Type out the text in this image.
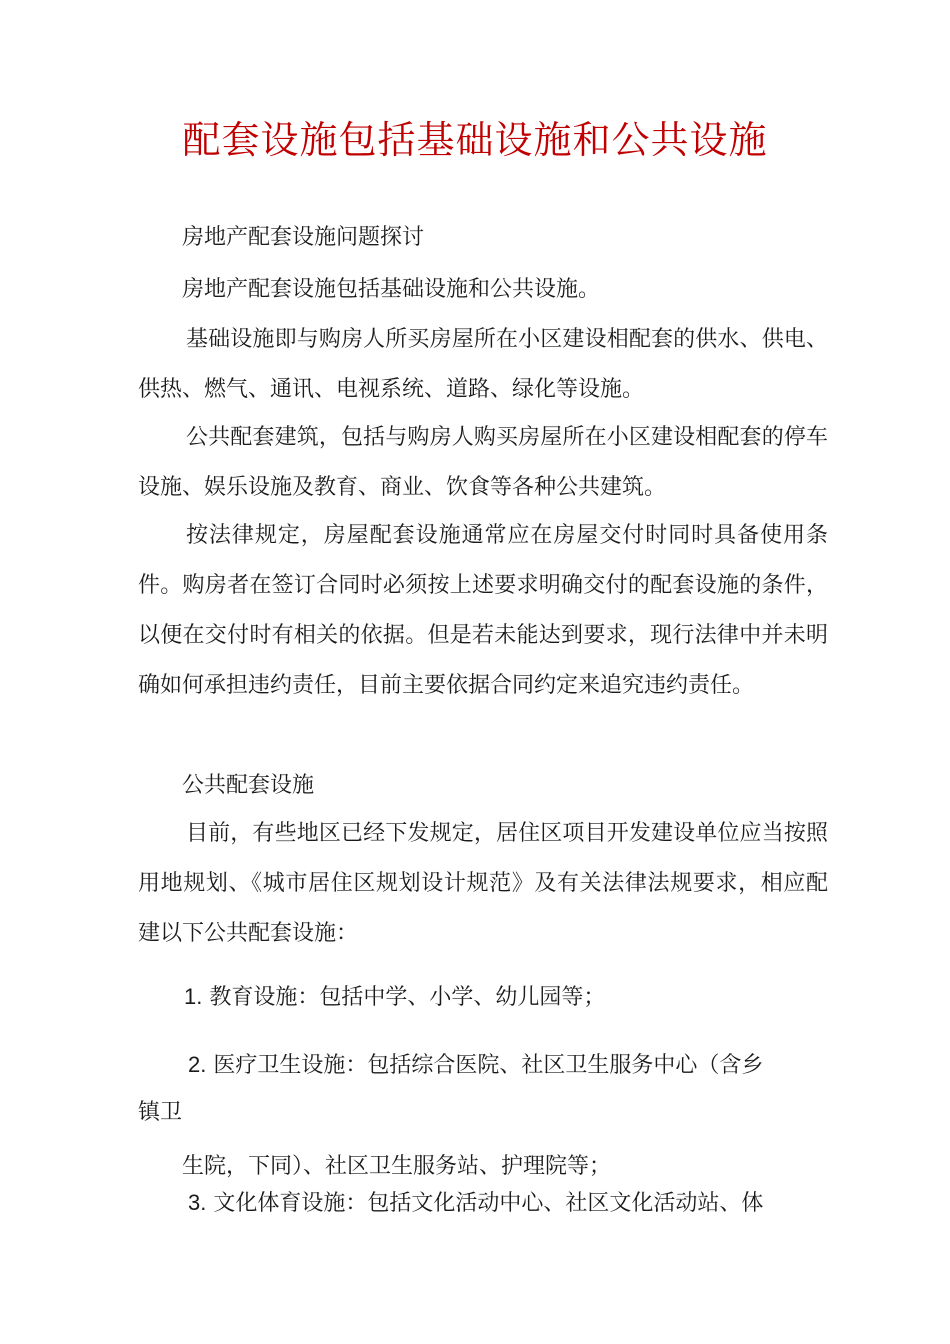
配套设施包括基础设施和公共设施

房地产配套设施问题探讨

房地产配套设施包括基础设施和公共设施。

基础设施即与购房人所买房屋所在小区建设相配套的供水、供电、供热、燃气、通讯、电视系统、道路、绿化等设施。

公共配套建筑，包括与购房人购买房屋所在小区建设相配套的停车设施、娱乐设施及教育、商业、饮食等各种公共建筑。

按法律规定，房屋配套设施通常应在房屋交付时同时具备使用条件。购房者在签订合同时必须按上述要求明确交付的配套设施的条件，以便在交付时有相关的依据。但是若未能达到要求，现行法律中并未明确如何承担违约责任，目前主要依据合同约定来追究违约责任。

公共配套设施

目前，有些地区已经下发规定，居住区项目开发建设单位应当按照用地规划、《城市居住区规划设计规范》及有关法律法规要求，相应配建以下公共配套设施：

1. 教育设施：包括中学、小学、幼儿园等；

2. 医疗卫生设施：包括综合医院、社区卫生服务中心（含乡

镇卫

生院，下同）、社区卫生服务站、护理院等；

3. 文化体育设施：包括文化活动中心、社区文化活动站、体
